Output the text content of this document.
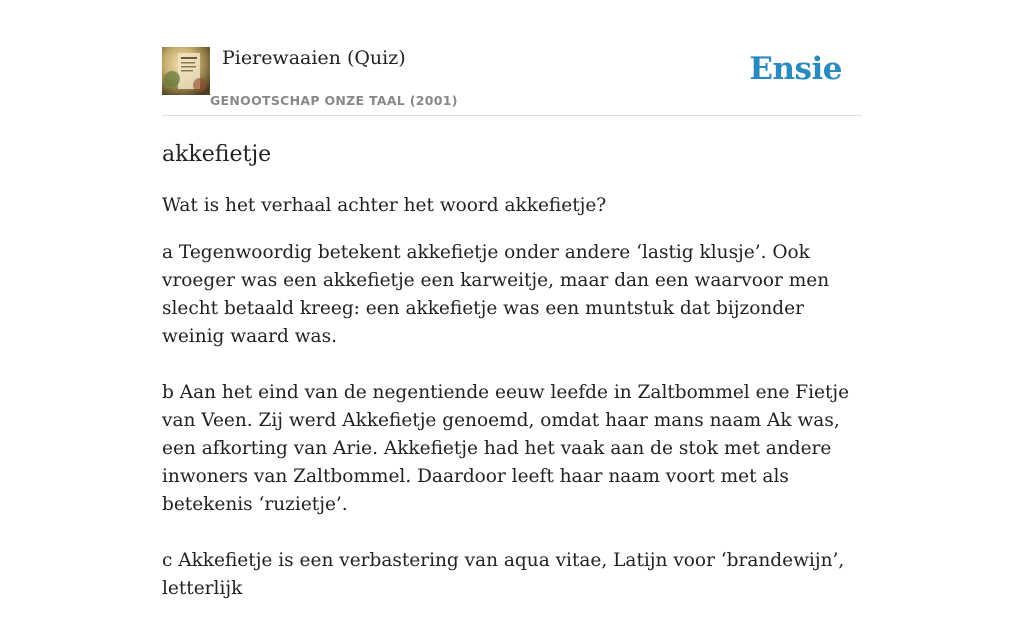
Pierewaaien (Quiz)
GENOOTSCHAP ONZE TAAL (2001)
Ensie
akkefietje

Wat is het verhaal achter het woord akkefietje?

a Tegenwoordig betekent akkefietje onder andere ‘lastig klusje’. Ook vroeger was een akkefietje een karweitje, maar dan een waarvoor men slecht betaald kreeg: een akkefietje was een muntstuk dat bijzonder weinig waard was.

b Aan het eind van de negentiende eeuw leefde in Zaltbommel ene Fietje van Veen. Zij werd Akkefietje genoemd, omdat haar mans naam Ak was, een afkorting van Arie. Akkefietje had het vaak aan de stok met andere inwoners van Zaltbommel. Daardoor leeft haar naam voort met als betekenis ‘ruzietje’.

c Akkefietje is een verbastering van aqua vitae, Latijn voor ‘brandewijn’, letterlijk
